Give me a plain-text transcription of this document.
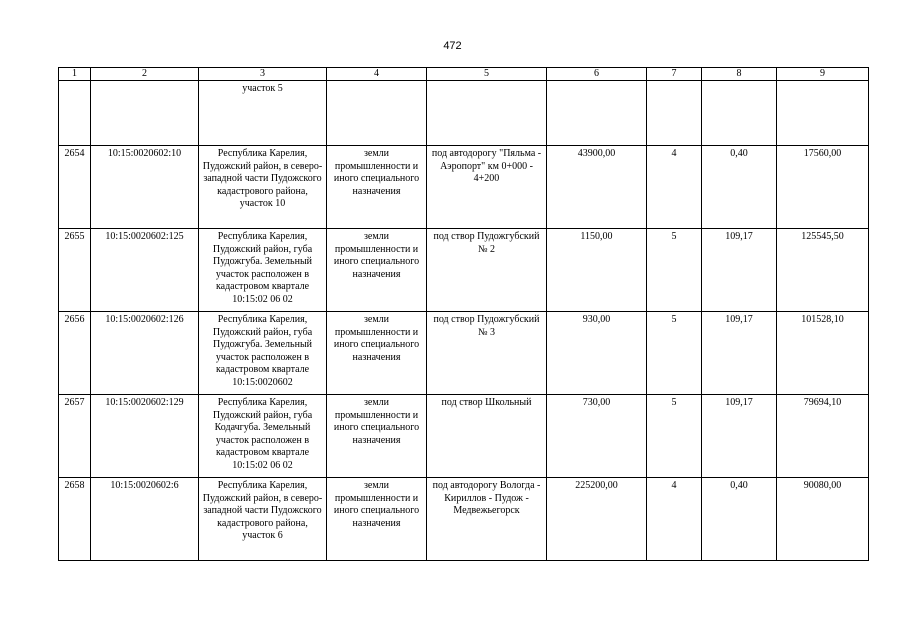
472
1	2	3	4	5	6	7	8	9
		участок 5						
2654	10:15:0020602:10	Республика Карелия, Пудожский район, в северо-западной части Пудожского кадастрового района, участок 10	земли промышленности и иного специального назначения	под автодорогу "Пяльма - Аэропорт" км 0+000 - 4+200	43900,00	4	0,40	17560,00
2655	10:15:0020602:125	Республика Карелия, Пудожский район, губа Пудожгуба. Земельный участок расположен в кадастровом квартале 10:15:02 06 02	земли промышленности и иного специального назначения	под створ Пудожгубский № 2	1150,00	5	109,17	125545,50
2656	10:15:0020602:126	Республика Карелия, Пудожский район, губа Пудожгуба. Земельный участок расположен в кадастровом квартале 10:15:0020602	земли промышленности и иного специального назначения	под створ Пудожгубский № 3	930,00	5	109,17	101528,10
2657	10:15:0020602:129	Республика Карелия, Пудожский район, губа Кодачгуба. Земельный участок расположен в кадастровом квартале 10:15:02 06 02	земли промышленности и иного специального назначения	под створ Школьный	730,00	5	109,17	79694,10
2658	10:15:0020602:6	Республика Карелия, Пудожский район, в северо-западной части Пудожского кадастрового района, участок 6	земли промышленности и иного специального назначения	под автодорогу Вологда - Кириллов - Пудож - Медвежьегорск	225200,00	4	0,40	90080,00
